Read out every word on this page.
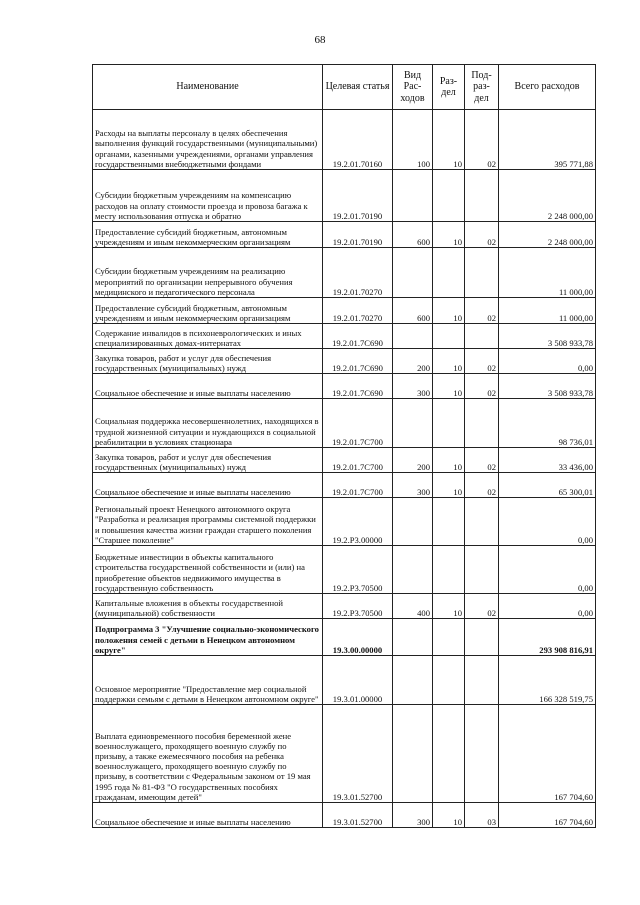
68
Наименование	Целевая статья	Вид Рас-ходов	Раз-дел	Под-раз-дел	Всего расходов
Расходы на выплаты персоналу в целях обеспечения выполнения функций государственными (муниципальными) органами, казенными учреждениями, органами управления государственными внебюджетными фондами	19.2.01.70160	100	10	02	395 771,88
Субсидии бюджетным учреждениям на компенсацию расходов на оплату стоимости проезда и провоза багажа к месту использования отпуска и обратно	19.2.01.70190				2 248 000,00
Предоставление субсидий бюджетным, автономным учреждениям и иным некоммерческим организациям	19.2.01.70190	600	10	02	2 248 000,00
Субсидии бюджетным учреждениям на реализацию мероприятий по организации непрерывного обучения медицинского и педагогического персонала	19.2.01.70270				11 000,00
Предоставление субсидий бюджетным, автономным учреждениям и иным некоммерческим организациям	19.2.01.70270	600	10	02	11 000,00
Содержание инвалидов в психоневрологических и иных специализированных домах-интернатах	19.2.01.7С690				3 508 933,78
Закупка товаров, работ и услуг для обеспечения государственных (муниципальных) нужд	19.2.01.7С690	200	10	02	0,00
Социальное обеспечение и иные выплаты населению	19.2.01.7С690	300	10	02	3 508 933,78
Социальная поддержка несовершеннолетних, находящихся в трудной жизненной ситуации и нуждающихся в социальной реабилитации в условиях стационара	19.2.01.7С700				98 736,01
Закупка товаров, работ и услуг для обеспечения государственных (муниципальных) нужд	19.2.01.7С700	200	10	02	33 436,00
Социальное обеспечение и иные выплаты населению	19.2.01.7С700	300	10	02	65 300,01
Региональный проект Ненецкого автономного округа "Разработка и реализация программы системной поддержки и повышения качества жизни граждан старшего поколения "Старшее поколение"	19.2.P3.00000				0,00
Бюджетные инвестиции в объекты капитального строительства государственной собственности и (или) на приобретение объектов недвижимого имущества в государственную собственность	19.2.P3.70500				0,00
Капитальные вложения в объекты государственной (муниципальной) собственности	19.2.P3.70500	400	10	02	0,00
Подпрограмма 3 "Улучшение социально-экономического положения семей с детьми в Ненецком автономном округе"	19.3.00.00000				293 908 816,91
Основное мероприятие "Предоставление мер социальной поддержки семьям с детьми в Ненецком автономном округе"	19.3.01.00000				166 328 519,75
Выплата единовременного пособия беременной жене военнослужащего, проходящего военную службу по призыву, а также ежемесячного пособия на ребенка военнослужащего, проходящего военную службу по призыву, в соответствии с Федеральным законом от 19 мая 1995 года № 81-ФЗ "О государственных пособиях гражданам, имеющим детей"	19.3.01.52700				167 704,60
Социальное обеспечение и иные выплаты населению	19.3.01.52700	300	10	03	167 704,60
